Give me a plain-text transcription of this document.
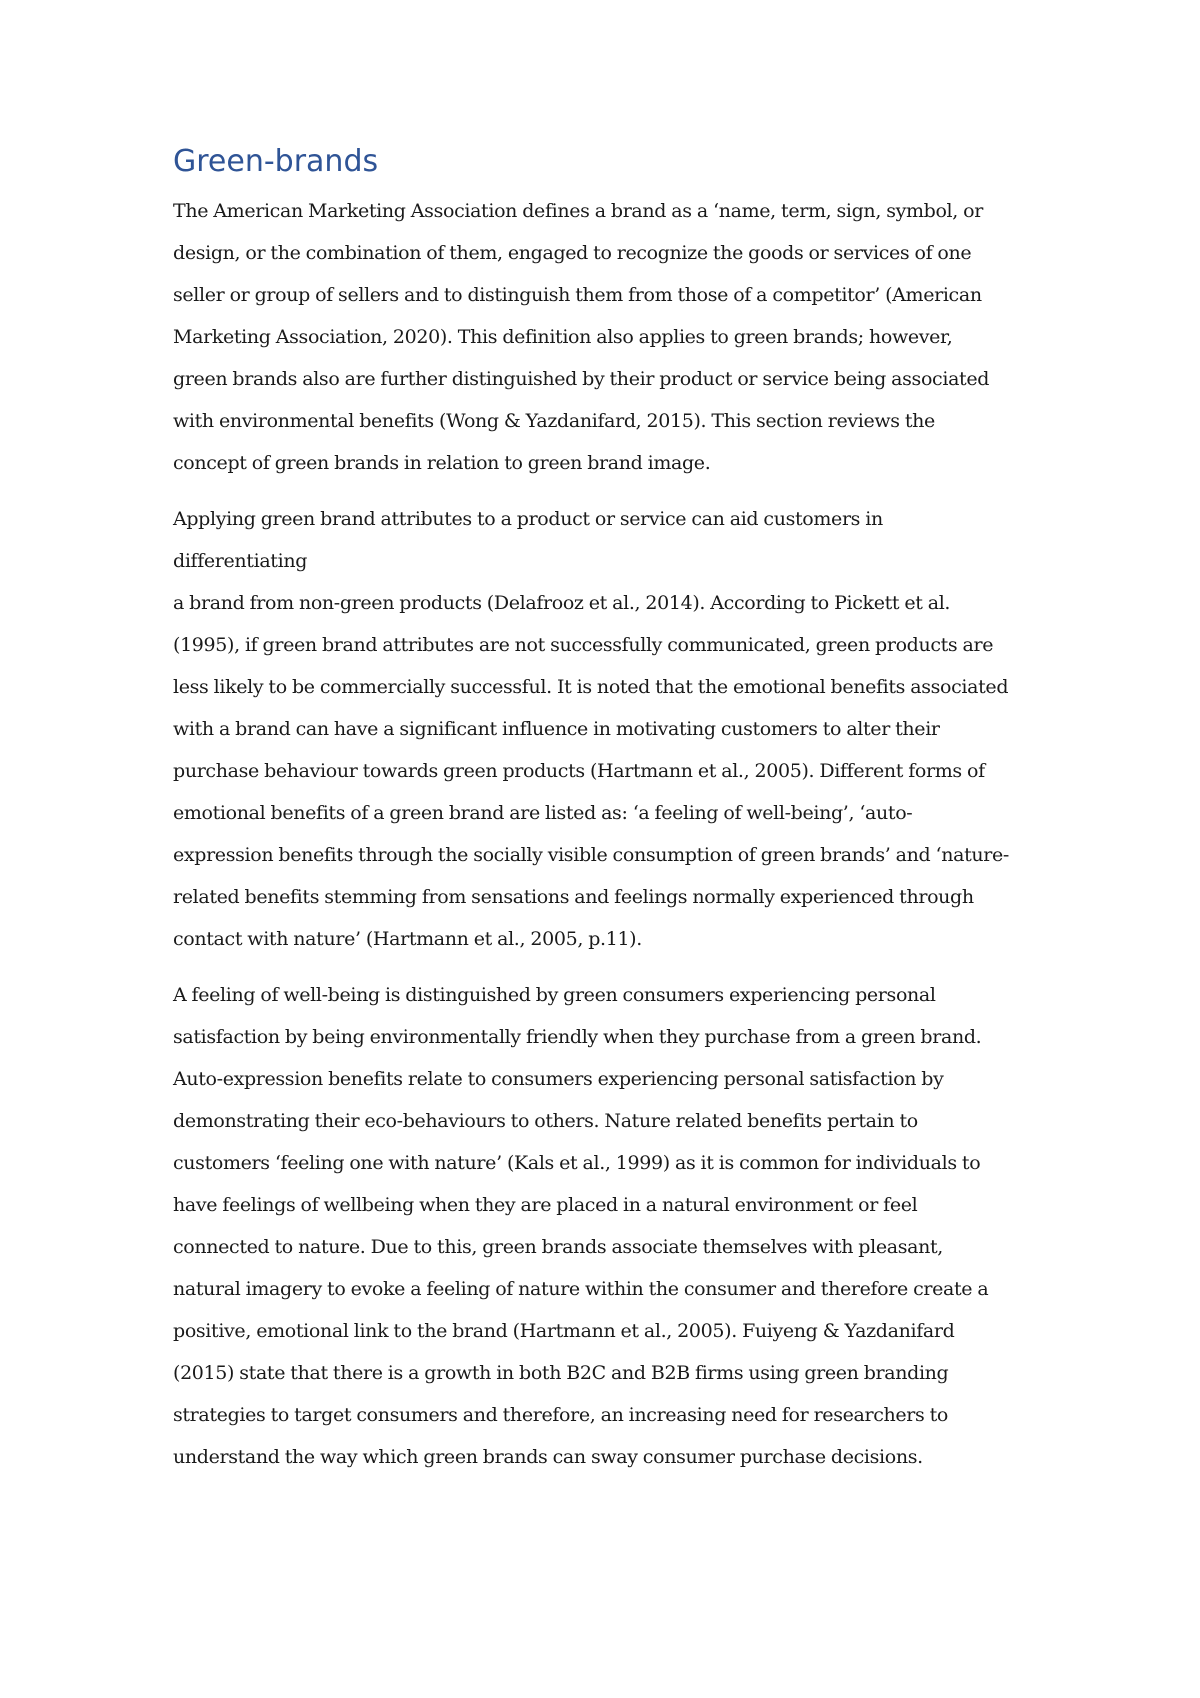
Green-brands

The American Marketing Association defines a brand as a ‘name, term, sign, symbol, or
design, or the combination of them, engaged to recognize the goods or services of one
seller or group of sellers and to distinguish them from those of a competitor’ (American
Marketing Association, 2020). This definition also applies to green brands; however,
green brands also are further distinguished by their product or service being associated
with environmental benefits (Wong & Yazdanifard, 2015). This section reviews the
concept of green brands in relation to green brand image.

Applying green brand attributes to a product or service can aid customers in
differentiating
a brand from non-green products (Delafrooz et al., 2014). According to Pickett et al.
(1995), if green brand attributes are not successfully communicated, green products are
less likely to be commercially successful. It is noted that the emotional benefits associated
with a brand can have a significant influence in motivating customers to alter their
purchase behaviour towards green products (Hartmann et al., 2005). Different forms of
emotional benefits of a green brand are listed as: ‘a feeling of well-being’, ‘auto-
expression benefits through the socially visible consumption of green brands’ and ‘nature-
related benefits stemming from sensations and feelings normally experienced through
contact with nature’ (Hartmann et al., 2005, p.11).

A feeling of well-being is distinguished by green consumers experiencing personal
satisfaction by being environmentally friendly when they purchase from a green brand.
Auto-expression benefits relate to consumers experiencing personal satisfaction by
demonstrating their eco-behaviours to others. Nature related benefits pertain to
customers ‘feeling one with nature’ (Kals et al., 1999) as it is common for individuals to
have feelings of wellbeing when they are placed in a natural environment or feel
connected to nature. Due to this, green brands associate themselves with pleasant,
natural imagery to evoke a feeling of nature within the consumer and therefore create a
positive, emotional link to the brand (Hartmann et al., 2005). Fuiyeng & Yazdanifard
(2015) state that there is a growth in both B2C and B2B firms using green branding
strategies to target consumers and therefore, an increasing need for researchers to
understand the way which green brands can sway consumer purchase decisions.
